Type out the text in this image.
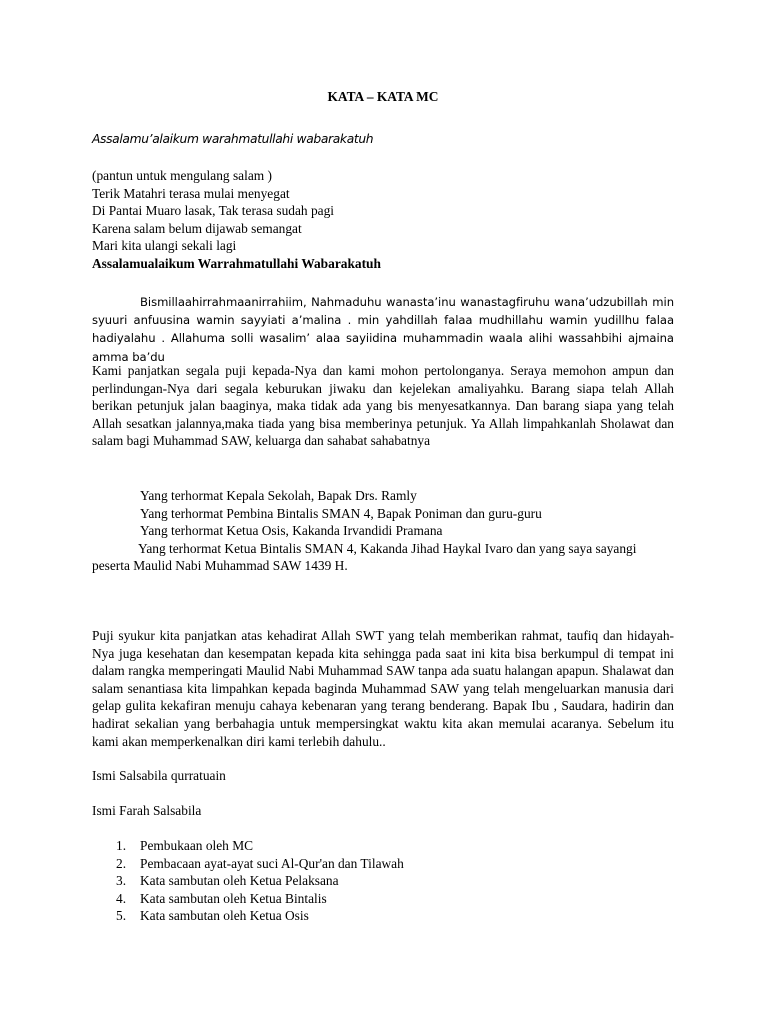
KATA – KATA MC

Assalamu’alaikum warahmatullahi wabarakatuh

(pantun untuk mengulang salam )
Terik Matahri terasa mulai menyegat
Di Pantai Muaro lasak, Tak terasa sudah pagi
Karena salam belum dijawab semangat
Mari kita ulangi sekali lagi
Assalamualaikum Warrahmatullahi Wabarakatuh

Bismillaahirrahmaanirrahiim, Nahmaduhu wanasta’inu wanastagfiruhu wana’udzubillah min syuuri anfuusina wamin sayyiati a’malina . min yahdillah falaa mudhillahu wamin yudillhu falaa hadiyalahu . Allahuma solli wasalim’ alaa sayiidina muhammadin waala alihi wassahbihi ajmaina amma ba’du

Kami panjatkan segala puji kepada-Nya dan kami mohon pertolonganya. Seraya memohon ampun dan perlindungan-Nya dari segala keburukan jiwaku dan kejelekan amaliyahku. Barang siapa telah Allah berikan petunjuk jalan baaginya, maka tidak ada yang bis menyesatkannya. Dan barang siapa yang telah Allah sesatkan jalannya,maka tiada yang bisa memberinya petunjuk. Ya Allah limpahkanlah Sholawat dan salam bagi Muhammad SAW, keluarga dan sahabat sahabatnya

Yang terhormat Kepala Sekolah, Bapak Drs. Ramly
Yang terhormat Pembina Bintalis SMAN 4, Bapak Poniman dan guru-guru
Yang terhormat Ketua Osis, Kakanda Irvandidi Pramana
Yang terhormat Ketua Bintalis SMAN 4, Kakanda Jihad Haykal Ivaro dan yang saya sayangi
peserta Maulid Nabi Muhammad SAW 1439 H.

Puji syukur kita panjatkan atas kehadirat Allah SWT yang telah memberikan rahmat, taufiq dan hidayah-Nya juga kesehatan dan kesempatan kepada kita sehingga pada saat ini kita bisa berkumpul di tempat ini dalam rangka memperingati Maulid Nabi Muhammad SAW tanpa ada suatu halangan apapun. Shalawat dan salam senantiasa kita limpahkan kepada baginda Muhammad SAW yang telah mengeluarkan manusia dari gelap gulita kekafiran menuju cahaya kebenaran yang terang benderang. Bapak Ibu , Saudara, hadirin dan hadirat sekalian yang berbahagia untuk mempersingkat waktu kita akan memulai acaranya. Sebelum itu kami akan memperkenalkan diri kami terlebih dahulu..

Ismi Salsabila qurratuain

Ismi Farah Salsabila

1.	Pembukaan oleh MC
2.	Pembacaan ayat-ayat suci Al-Qur'an dan Tilawah
3.	Kata sambutan oleh Ketua Pelaksana
4.	Kata sambutan oleh Ketua Bintalis
5.	Kata sambutan oleh Ketua Osis
